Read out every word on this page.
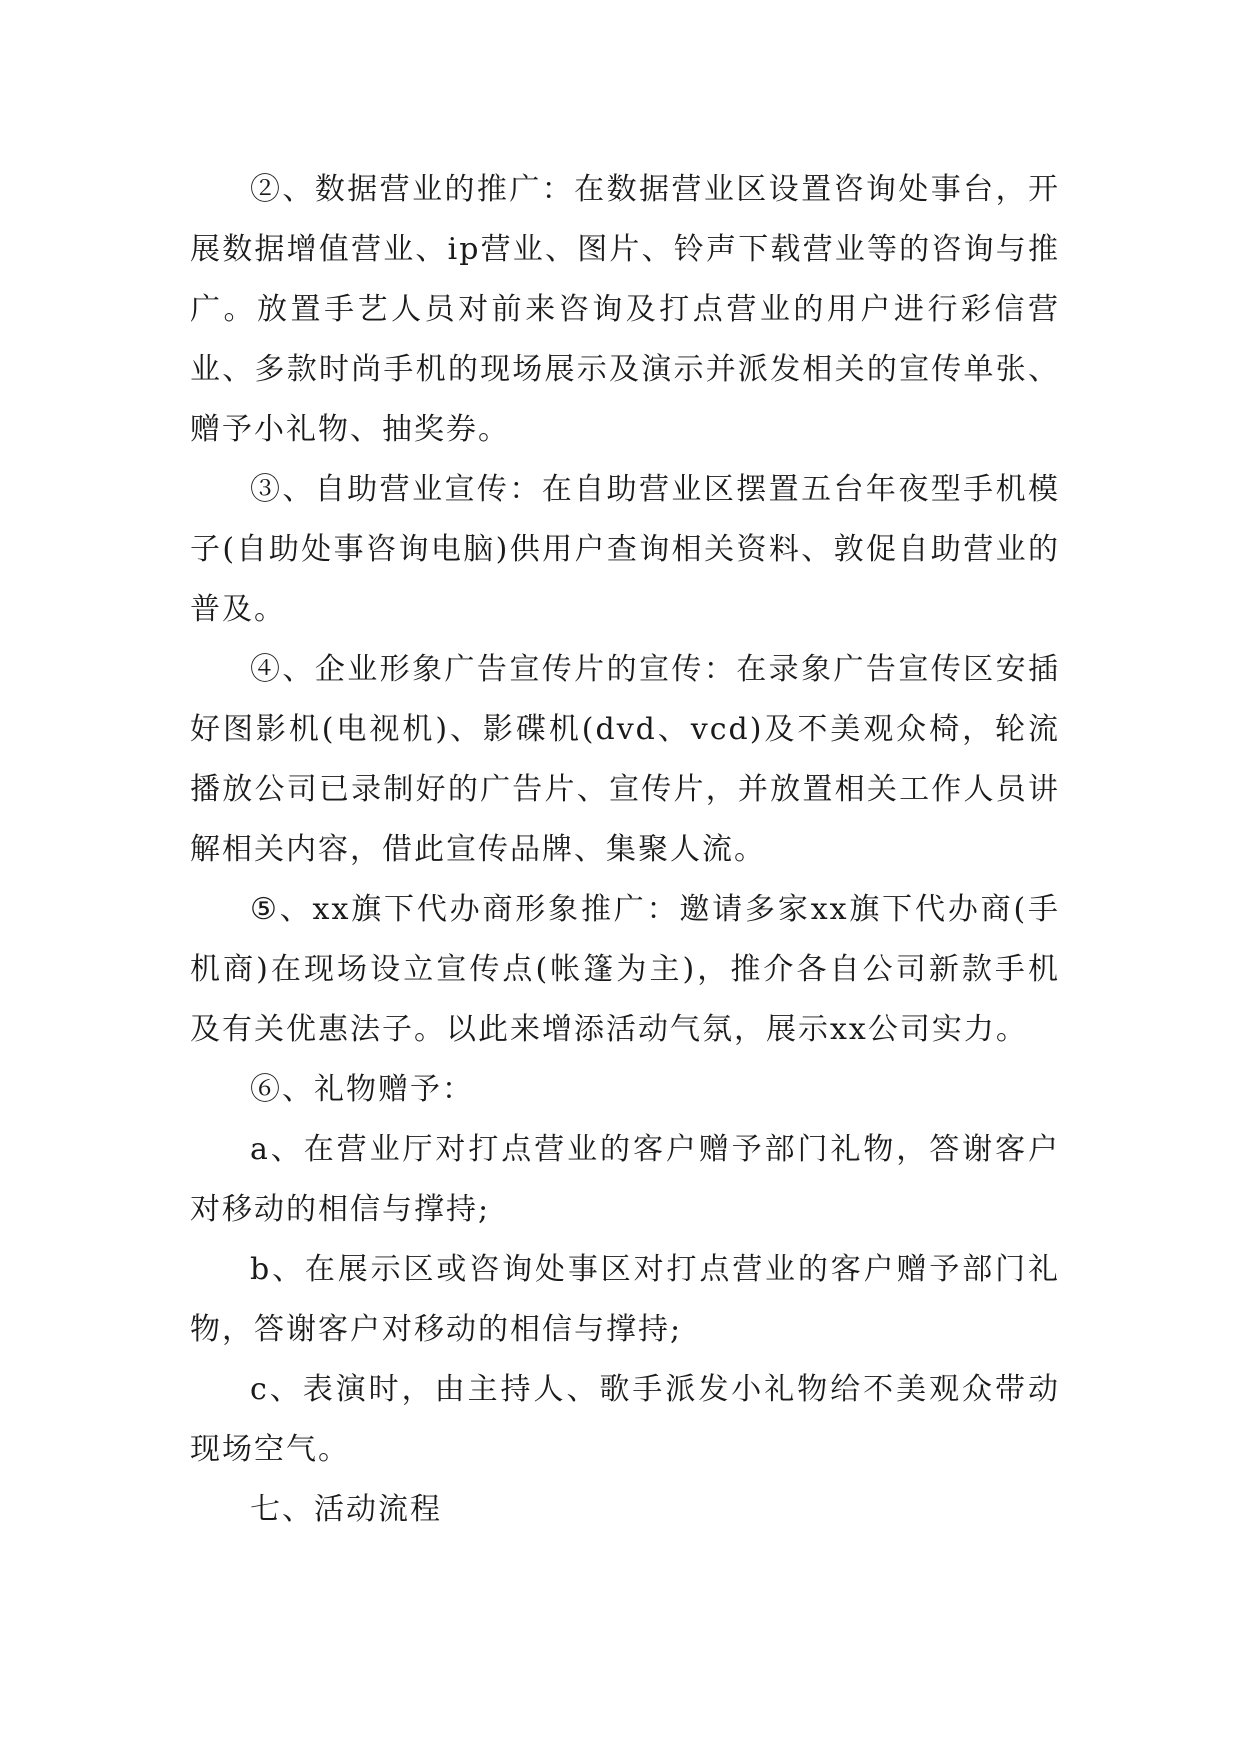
②、数据营业的推广：在数据营业区设置咨询处事台，开展数据增值营业、ip营业、图片、铃声下载营业等的咨询与推广。放置手艺人员对前来咨询及打点营业的用户进行彩信营业、多款时尚手机的现场展示及演示并派发相关的宣传单张、赠予小礼物、抽奖券。

③、自助营业宣传：在自助营业区摆置五台年夜型手机模子(自助处事咨询电脑)供用户查询相关资料、敦促自助营业的普及。

④、企业形象广告宣传片的宣传：在录象广告宣传区安插好图影机(电视机)、影碟机(dvd、vcd)及不美观众椅，轮流播放公司已录制好的广告片、宣传片，并放置相关工作人员讲解相关内容，借此宣传品牌、集聚人流。

⑤、xx旗下代办商形象推广：邀请多家xx旗下代办商(手机商)在现场设立宣传点(帐篷为主)，推介各自公司新款手机及有关优惠法子。以此来增添活动气氛，展示xx公司实力。

⑥、礼物赠予：

a、在营业厅对打点营业的客户赠予部门礼物，答谢客户对移动的相信与撑持;

b、在展示区或咨询处事区对打点营业的客户赠予部门礼物，答谢客户对移动的相信与撑持;

c、表演时，由主持人、歌手派发小礼物给不美观众带动现场空气。

七、活动流程
